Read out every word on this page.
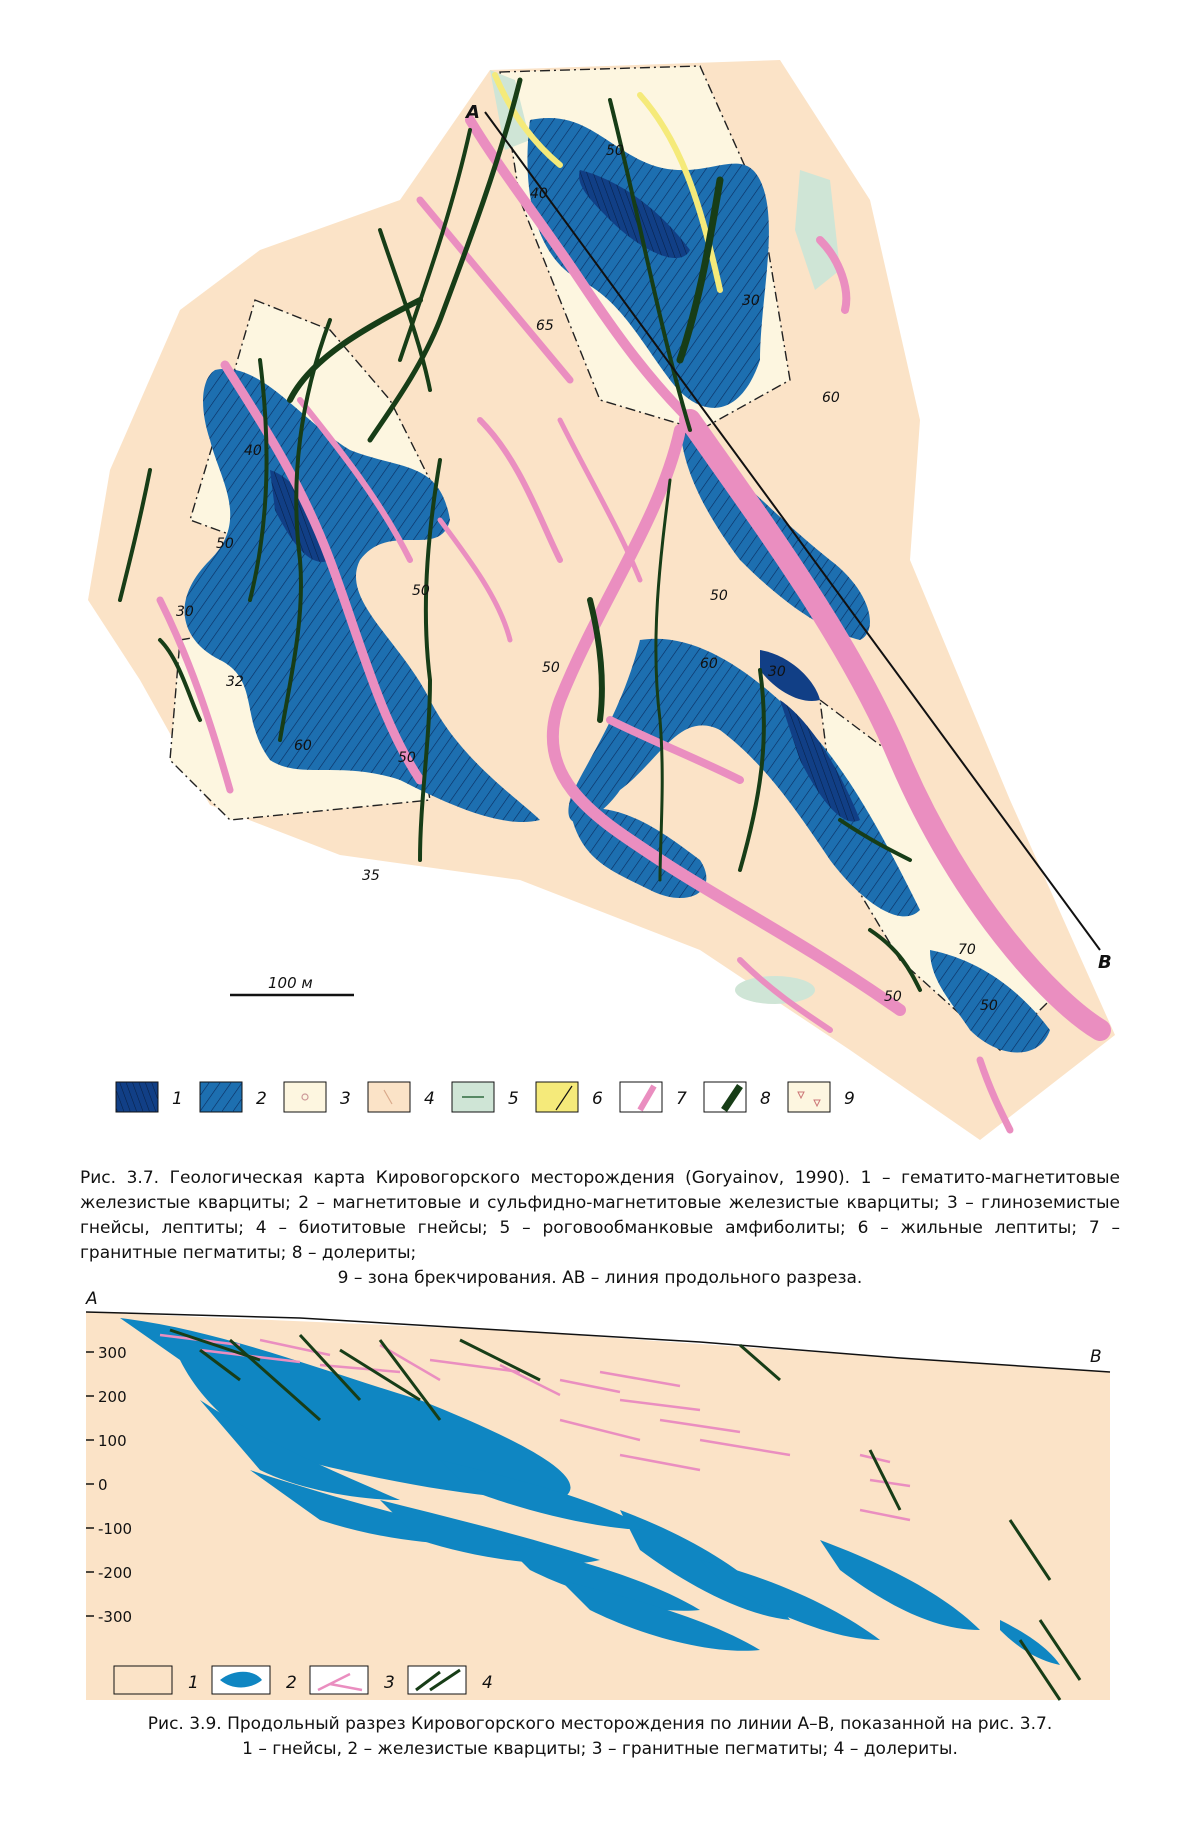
A
B
50
40
65
30
60
40
50
50
30
32
60
50
50
50
60	30
70
50
50
35
100 м
1	2	3	4	5	6	7	8	9
300
200
100
0
-100
-200
-300
A
B
1	2	3	4
Рис. 3.7. Геологическая карта Кировогорского месторождения (Goryainov, 1990). 1 – гематито-магнетитовые железистые кварциты; 2 – магнетитовые и сульфидно-магнетитовые железистые кварциты; 3 – глиноземистые гнейсы, лептиты; 4 – биотитовые гнейсы; 5 – роговообманковые амфиболиты; 6 – жильные лептиты; 7 – гранитные пегматиты; 8 – долериты;
9 – зона брекчирования. AB – линия продольного разреза.
Рис. 3.9. Продольный разрез Кировогорского месторождения по линии A–B, показанной на рис. 3.7.
1 – гнейсы, 2 – железистые кварциты; 3 – гранитные пегматиты; 4 – долериты.
